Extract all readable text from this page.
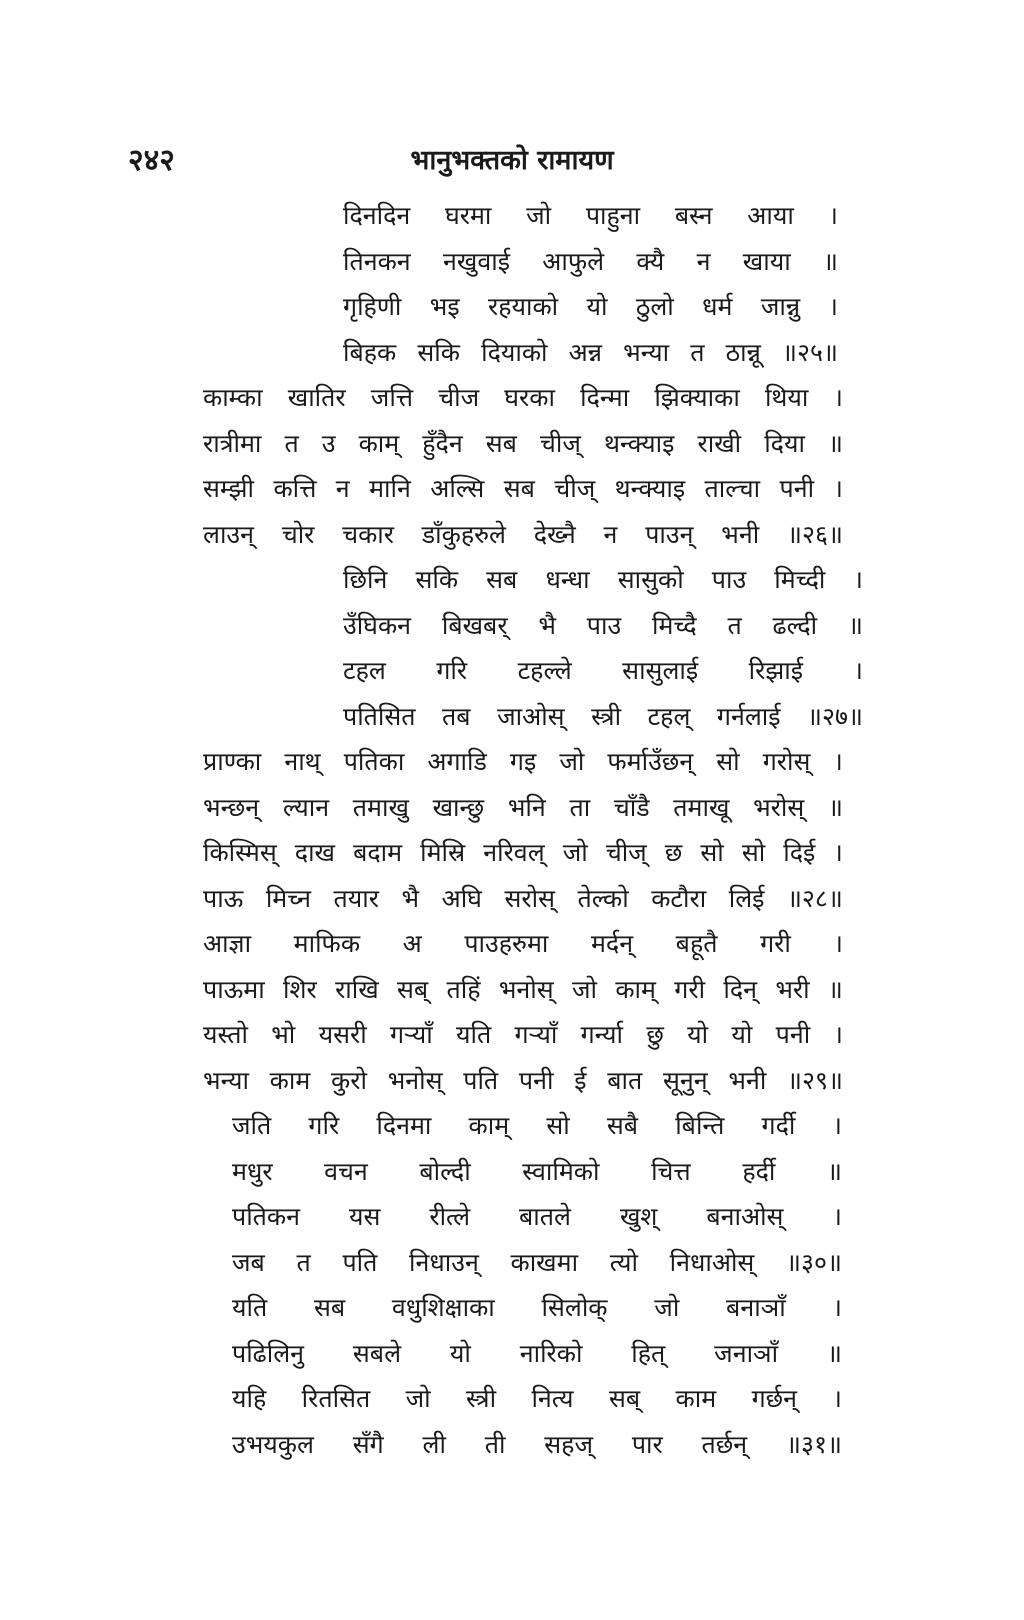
२४२	भानुभक्तको रामायण
दिनदिन घरमा जो पाहुना बस्न आया ।
तिनकन नखुवाई आफुले क्यै न खाया ॥
गृहिणी भइ रहयाको यो ठुलो धर्म जान्नु ।
बिहक सकि दियाको अन्न भन्या त ठान्नू ॥२५॥
काम्का खातिर जत्ति चीज घरका दिन्मा झिक्याका थिया ।
रात्रीमा त उ काम् हुँदैन सब चीज् थन्क्याइ राखी दिया ॥
सम्झी कत्ति न मानि अल्सि सब चीज् थन्क्याइ ताल्चा पनी ।
लाउन् चोर चकार डाँकुहरुले देख्नै न पाउन् भनी ॥२६॥
छिनि सकि सब धन्धा सासुको पाउ मिच्दी ।
उँघिकन बिखबर् भै पाउ मिच्दै त ढल्दी ॥
टहल गरि टहल्ले सासुलाई रिझाई ।
पतिसित तब जाओस् स्त्री टहल् गर्नलाई ॥२७॥
प्राण्का नाथ् पतिका अगाडि गइ जो फर्माउँछन् सो गरोस् ।
भन्छन् ल्यान तमाखु खान्छु भनि ता चाँडै तमाखू भरोस् ॥
किस्मिस् दाख बदाम मिस्रि नरिवल् जो चीज् छ सो सो दिई ।
पाऊ मिच्न तयार भै अघि सरोस् तेल्को कटौरा लिई ॥२८॥
आज्ञा माफिक अ पाउहरुमा मर्दन् बहूतै गरी ।
पाऊमा शिर राखि सब् तहिं भनोस् जो काम् गरी दिन् भरी ॥
यस्तो भो यसरी गऱ्याँ यति गऱ्याँ गर्न्या छु यो यो पनी ।
भन्या काम कुरो भनोस् पति पनी ई बात सूनुन् भनी ॥२९॥
जति गरि दिनमा काम् सो सबै बिन्ति गर्दी ।
मधुर वचन बोल्दी स्वामिको चित्त हर्दी ॥
पतिकन यस रीत्ले बातले खुश् बनाओस् ।
जब त पति निधाउन् काखमा त्यो निधाओस् ॥३०॥
यति सब वधुशिक्षाका सिलोक् जो बनाञाँ ।
पढिलिनु सबले यो नारिको हित् जनाञाँ ॥
यहि रितसित जो स्त्री नित्य सब् काम गर्छन् ।
उभयकुल सँगै ली ती सहज् पार तर्छन् ॥३१॥
